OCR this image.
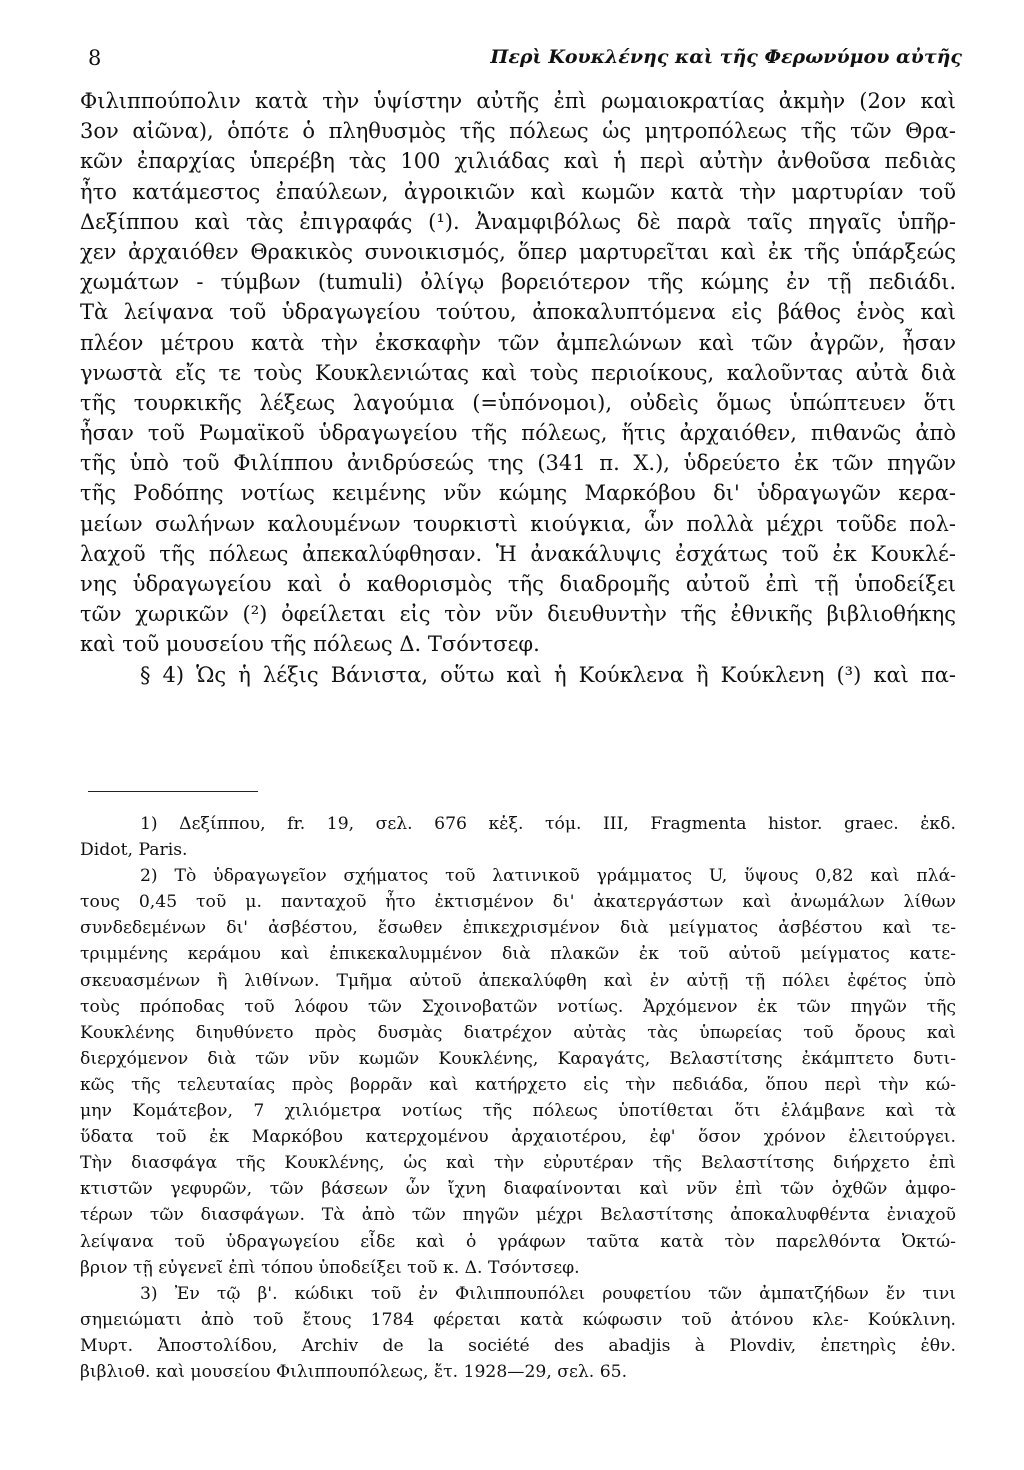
8	Περὶ Κουκλένης καὶ τῆς Φερωνύμου αὐτῆς
Φιλιππούπολιν κατὰ τὴν ὑψίστην αὐτῆς ἐπὶ ρωμαιοκρατίας ἀκμὴν (2ον καὶ
3ον αἰῶνα), ὁπότε ὁ πληθυσμὸς τῆς πόλεως ὡς μητροπόλεως τῆς τῶν Θρα-
κῶν ἐπαρχίας ὑπερέβη τὰς 100 χιλιάδας καὶ ἡ περὶ αὐτὴν ἀνθοῦσα πεδιὰς
ἦτο κατάμεστος ἐπαύλεων, ἀγροικιῶν καὶ κωμῶν κατὰ τὴν μαρτυρίαν τοῦ
Δεξίππου καὶ τὰς ἐπιγραφάς (¹). Ἀναμφιβόλως δὲ παρὰ ταῖς πηγαῖς ὑπῆρ-
χεν ἀρχαιόθεν Θρακικὸς συνοικισμός, ὅπερ μαρτυρεῖται καὶ ἐκ τῆς ὑπάρξεώς
χωμάτων - τύμβων (tumuli) ὀλίγῳ βορειότερον τῆς κώμης ἐν τῇ πεδιάδι.
Τὰ λείψανα τοῦ ὑδραγωγείου τούτου, ἀποκαλυπτόμενα εἰς βάθος ἑνὸς καὶ
πλέον μέτρου κατὰ τὴν ἐκσκαφὴν τῶν ἀμπελώνων καὶ τῶν ἀγρῶν, ἦσαν
γνωστὰ εἴς τε τοὺς Κουκλενιώτας καὶ τοὺς περιοίκους, καλοῦντας αὐτὰ διὰ
τῆς τουρκικῆς λέξεως λαγούμια (=ὑπόνομοι), οὐδεὶς ὅμως ὑπώπτευεν ὅτι
ἦσαν τοῦ Ρωμαϊκοῦ ὑδραγωγείου τῆς πόλεως, ἥτις ἀρχαιόθεν, πιθανῶς ἀπὸ
τῆς ὑπὸ τοῦ Φιλίππου ἀνιδρύσεώς της (341 π. Χ.), ὑδρεύετο ἐκ τῶν πηγῶν
τῆς Ροδόπης νοτίως κειμένης νῦν κώμης Μαρκόβου δι' ὑδραγωγῶν κερα-
μείων σωλήνων καλουμένων τουρκιστὶ κιούγκια, ὧν πολλὰ μέχρι τοῦδε πολ-
λαχοῦ τῆς πόλεως ἀπεκαλύφθησαν. Ἡ ἀνακάλυψις ἐσχάτως τοῦ ἐκ Κουκλέ-
νης ὑδραγωγείου καὶ ὁ καθορισμὸς τῆς διαδρομῆς αὐτοῦ ἐπὶ τῇ ὑποδείξει
τῶν χωρικῶν (²) ὀφείλεται εἰς τὸν νῦν διευθυντὴν τῆς ἐθνικῆς βιβλιοθήκης
καὶ τοῦ μουσείου τῆς πόλεως Δ. Τσόντσεφ.
§ 4) Ὡς ἡ λέξις Βάνιστα, οὕτω καὶ ἡ Κούκλενα ἢ Κούκλενη (³) καὶ πα-
1) Δεξίππου, fr. 19, σελ. 676 κἑξ. τόμ. III, Fragmenta histor. graec. ἐκδ.
Didot, Paris.
2) Τὸ ὑδραγωγεῖον σχήματος τοῦ λατινικοῦ γράμματος U, ὕψους 0,82 καὶ πλά-
τους 0,45 τοῦ μ. πανταχοῦ ἦτο ἐκτισμένον δι' ἀκατεργάστων καὶ ἀνωμάλων λίθων
συνδεδεμένων δι' ἀσβέστου, ἔσωθεν ἐπικεχρισμένον διὰ μείγματος ἀσβέστου καὶ τε-
τριμμένης κεράμου καὶ ἐπικεκαλυμμένον διὰ πλακῶν ἐκ τοῦ αὐτοῦ μείγματος κατε-
σκευασμένων ἢ λιθίνων. Τμῆμα αὐτοῦ ἀπεκαλύφθη καὶ ἐν αὐτῇ τῇ πόλει ἐφέτος ὑπὸ
τοὺς πρόποδας τοῦ λόφου τῶν Σχοινοβατῶν νοτίως. Ἀρχόμενον ἐκ τῶν πηγῶν τῆς
Κουκλένης διηυθύνετο πρὸς δυσμὰς διατρέχον αὐτὰς τὰς ὑπωρείας τοῦ ὄρους καὶ
διερχόμενον διὰ τῶν νῦν κωμῶν Κουκλένης, Καραγάτς, Βελαστίτσης ἐκάμπτετο δυτι-
κῶς τῆς τελευταίας πρὸς βορρᾶν καὶ κατήρχετο εἰς τὴν πεδιάδα, ὅπου περὶ τὴν κώ-
μην Κομάτεβον, 7 χιλιόμετρα νοτίως τῆς πόλεως ὑποτίθεται ὅτι ἐλάμβανε καὶ τὰ
ὕδατα τοῦ ἐκ Μαρκόβου κατερχομένου ἀρχαιοτέρου, ἐφ' ὅσον χρόνον ἐλειτούργει.
Τὴν διασφάγα τῆς Κουκλένης, ὡς καὶ τὴν εὐρυτέραν τῆς Βελαστίτσης διήρχετο ἐπὶ
κτιστῶν γεφυρῶν, τῶν βάσεων ὧν ἴχνη διαφαίνονται καὶ νῦν ἐπὶ τῶν ὀχθῶν ἀμφο-
τέρων τῶν διασφάγων. Τὰ ἀπὸ τῶν πηγῶν μέχρι Βελαστίτσης ἀποκαλυφθέντα ἐνιαχοῦ
λείψανα τοῦ ὑδραγωγείου εἶδε καὶ ὁ γράφων ταῦτα κατὰ τὸν παρελθόντα Ὀκτώ-
βριον τῇ εὐγενεῖ ἐπὶ τόπου ὑποδείξει τοῦ κ. Δ. Τσόντσεφ.
3) Ἐν τῷ β'. κώδικι τοῦ ἐν Φιλιππουπόλει ρουφετίου τῶν ἀμπατζήδων ἔν τινι
σημειώματι ἀπὸ τοῦ ἔτους 1784 φέρεται κατὰ κώφωσιν τοῦ ἀτόνου κλε- Κούκλινη.
Μυρτ. Ἀποστολίδου, Archiv de la société des abadjis à Plovdiv, ἐπετηρὶς ἐθν.
βιβλιοθ. καὶ μουσείου Φιλιππουπόλεως, ἔτ. 1928—29, σελ. 65.
